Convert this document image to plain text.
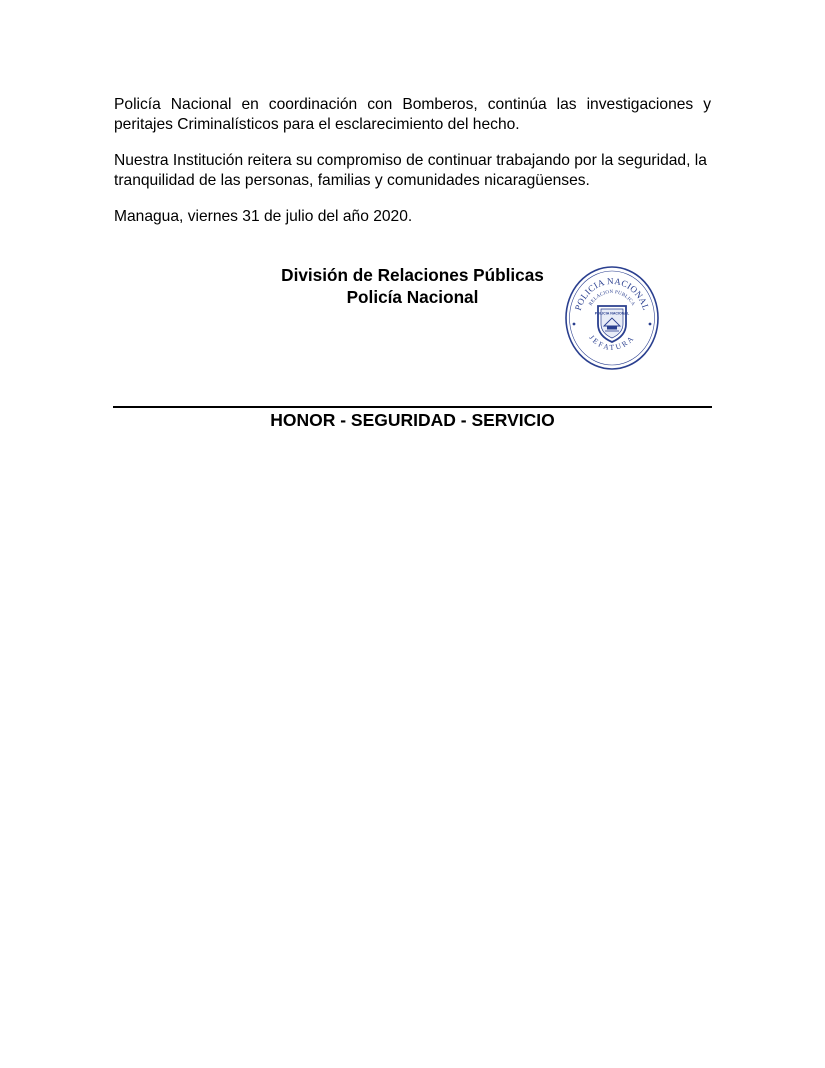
Policía Nacional en coordinación con Bomberos, continúa las investigaciones y peritajes Criminalísticos para el esclarecimiento del hecho.

Nuestra Institución reitera su compromiso de continuar trabajando por la seguridad, la tranquilidad de las personas, familias y comunidades nicaragüenses.

Managua, viernes 31 de julio del año 2020.

División de Relaciones Públicas
Policía Nacional
POLICIA NACIONAL
RELACION PUBLICA
JEFATURA
POLICIA NACIONAL
HONOR - SEGURIDAD - SERVICIO
